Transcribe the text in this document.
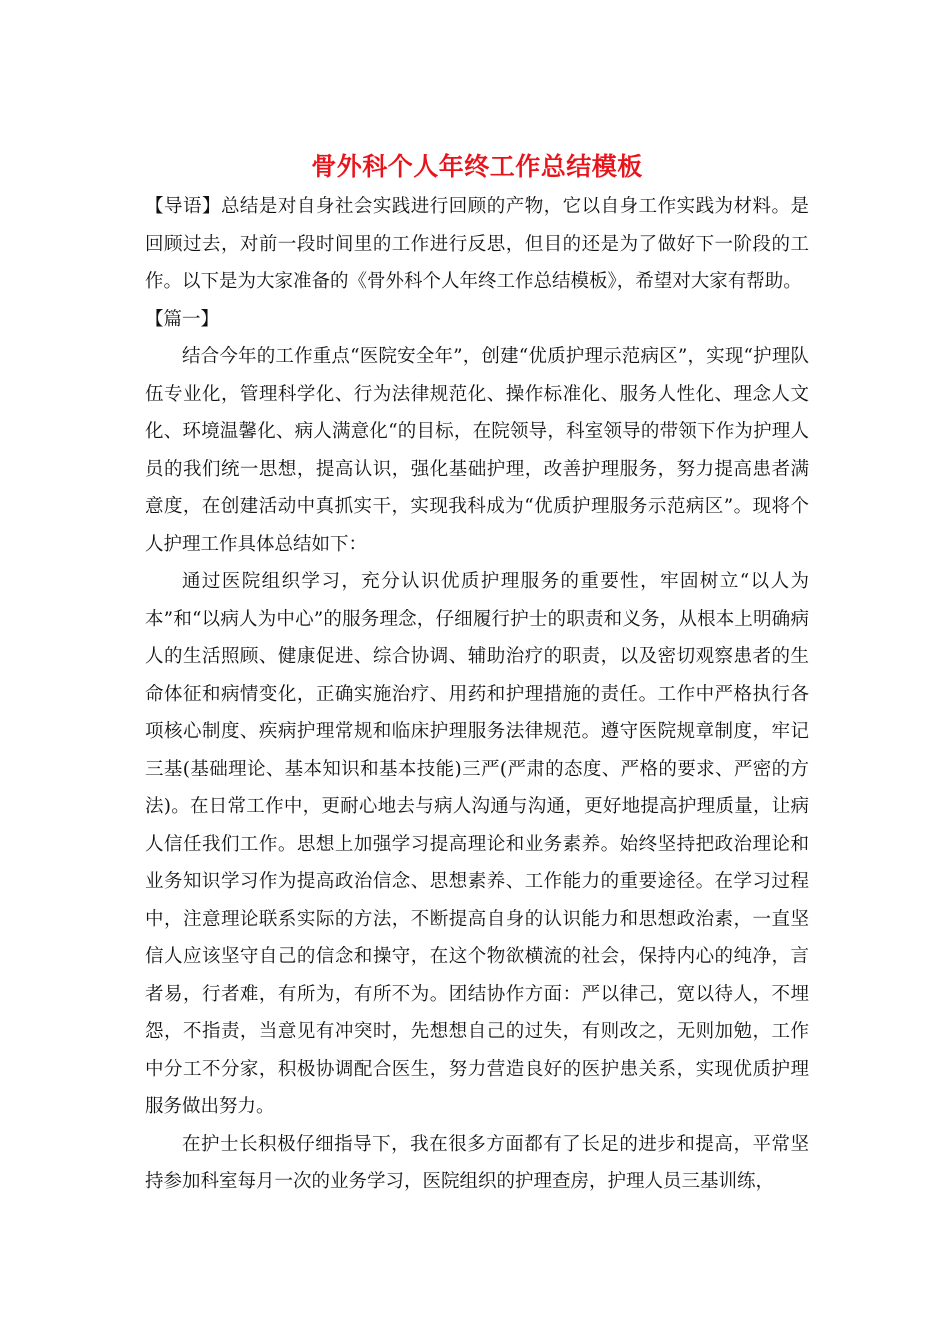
骨外科个人年终工作总结模板

【导语】总结是对自身社会实践进行回顾的产物，它以自身工作实践为材料。是回顾过去，对前一段时间里的工作进行反思，但目的还是为了做好下一阶段的工作。以下是为大家准备的《骨外科个人年终工作总结模板》，希望对大家有帮助。

【篇一】

结合今年的工作重点“医院安全年”，创建“优质护理示范病区”，实现“护理队伍专业化，管理科学化、行为法律规范化、操作标准化、服务人性化、理念人文化、环境温馨化、病人满意化“的目标，在院领导，科室领导的带领下作为护理人员的我们统一思想，提高认识，强化基础护理，改善护理服务，努力提高患者满意度，在创建活动中真抓实干，实现我科成为“优质护理服务示范病区”。现将个人护理工作具体总结如下：

通过医院组织学习，充分认识优质护理服务的重要性，牢固树立“以人为本”和“以病人为中心”的服务理念，仔细履行护士的职责和义务，从根本上明确病人的生活照顾、健康促进、综合协调、辅助治疗的职责，以及密切观察患者的生命体征和病情变化，正确实施治疗、用药和护理措施的责任。工作中严格执行各项核心制度、疾病护理常规和临床护理服务法律规范。遵守医院规章制度，牢记三基(基础理论、基本知识和基本技能)三严(严肃的态度、严格的要求、严密的方法)。在日常工作中，更耐心地去与病人沟通与沟通，更好地提高护理质量，让病人信任我们工作。思想上加强学习提高理论和业务素养。始终坚持把政治理论和业务知识学习作为提高政治信念、思想素养、工作能力的重要途径。在学习过程中，注意理论联系实际的方法，不断提高自身的认识能力和思想政治素，一直坚信人应该坚守自己的信念和操守，在这个物欲横流的社会，保持内心的纯净，言者易，行者难，有所为，有所不为。团结协作方面：严以律己，宽以待人，不埋怨，不指责，当意见有冲突时，先想想自己的过失，有则改之，无则加勉，工作中分工不分家，积极协调配合医生，努力营造良好的医护患关系，实现优质护理服务做出努力。

在护士长积极仔细指导下，我在很多方面都有了长足的进步和提高，平常坚持参加科室每月一次的业务学习，医院组织的护理查房，护理人员三基训练，
